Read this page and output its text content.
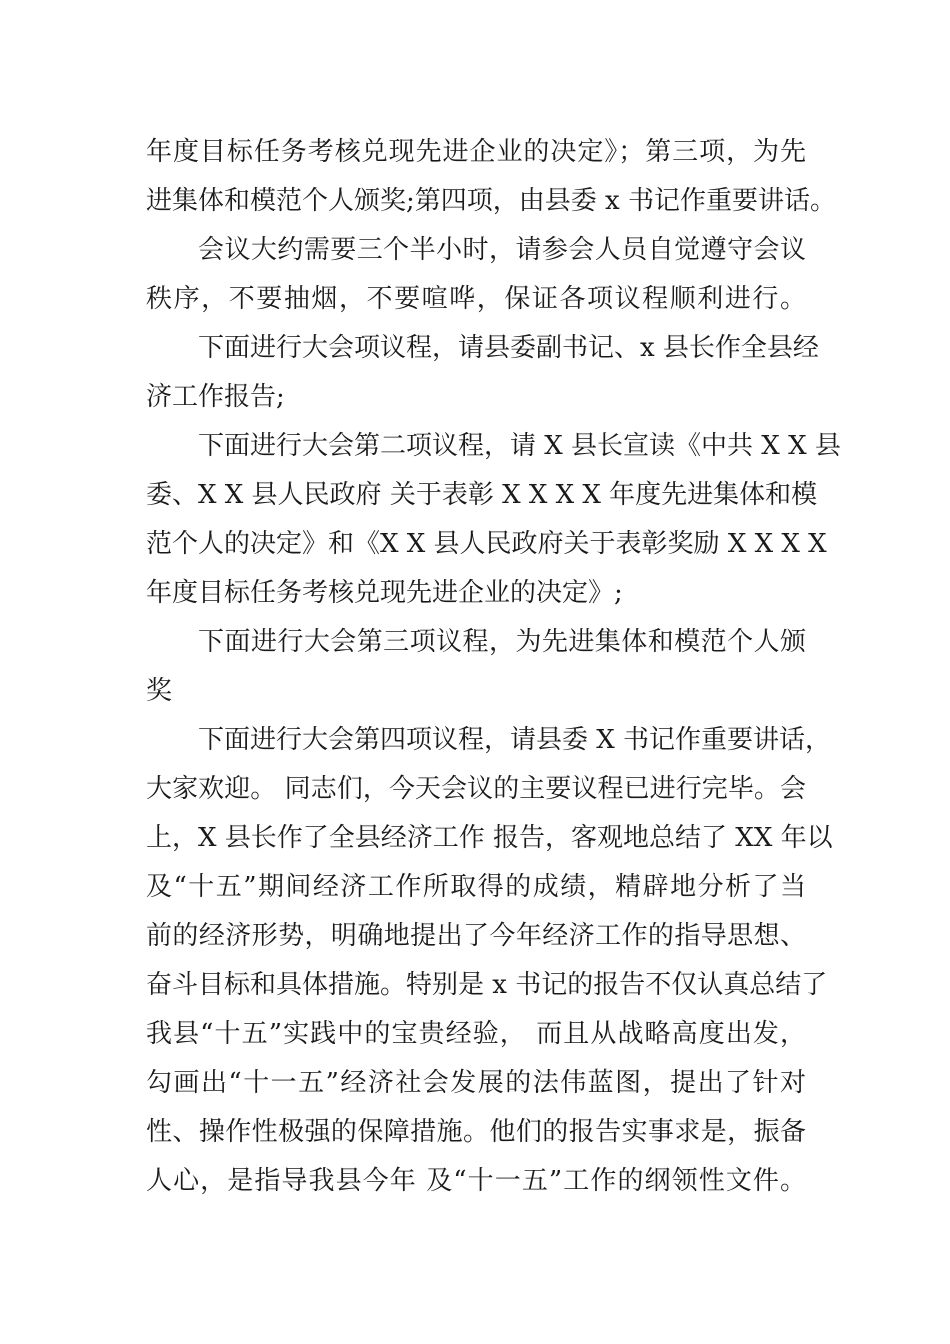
年度目标任务考核兑现先进企业的决定》；第三项，为先
进集体和模范个人颁奖;第四项，由县委 x 书记作重要讲话。
会议大约需要三个半小时，请参会人员自觉遵守会议
秩序，不要抽烟，不要喧哗，保证各项议程顺利进行。
下面进行大会项议程，请县委副书记、x 县长作全县经
济工作报告;
下面进行大会第二项议程，请 X 县长宣读《中共 X X 县
委、X X 县人民政府 关于表彰 X X X X 年度先进集体和模
范个人的决定》和《X X 县人民政府关于表彰奖励 X X X X
年度目标任务考核兑现先进企业的决定》;
下面进行大会第三项议程，为先进集体和模范个人颁
奖
下面进行大会第四项议程，请县委 X 书记作重要讲话，
大家欢迎。 同志们，今天会议的主要议程已进行完毕。会
上，X 县长作了全县经济工作 报告，客观地总结了 XX 年以
及“十五”期间经济工作所取得的成绩，精辟地分析了当
前的经济形势，明确地提出了今年经济工作的指导思想、
奋斗目标和具体措施。特别是 x 书记的报告不仅认真总结了
我县“十五”实践中的宝贵经验， 而且从战略高度出发，
勾画出“十一五”经济社会发展的法伟蓝图，提出了针对
性、操作性极强的保障措施。他们的报告实事求是，振备
人心，是指导我县今年 及“十一五”工作的纲领性文件。
